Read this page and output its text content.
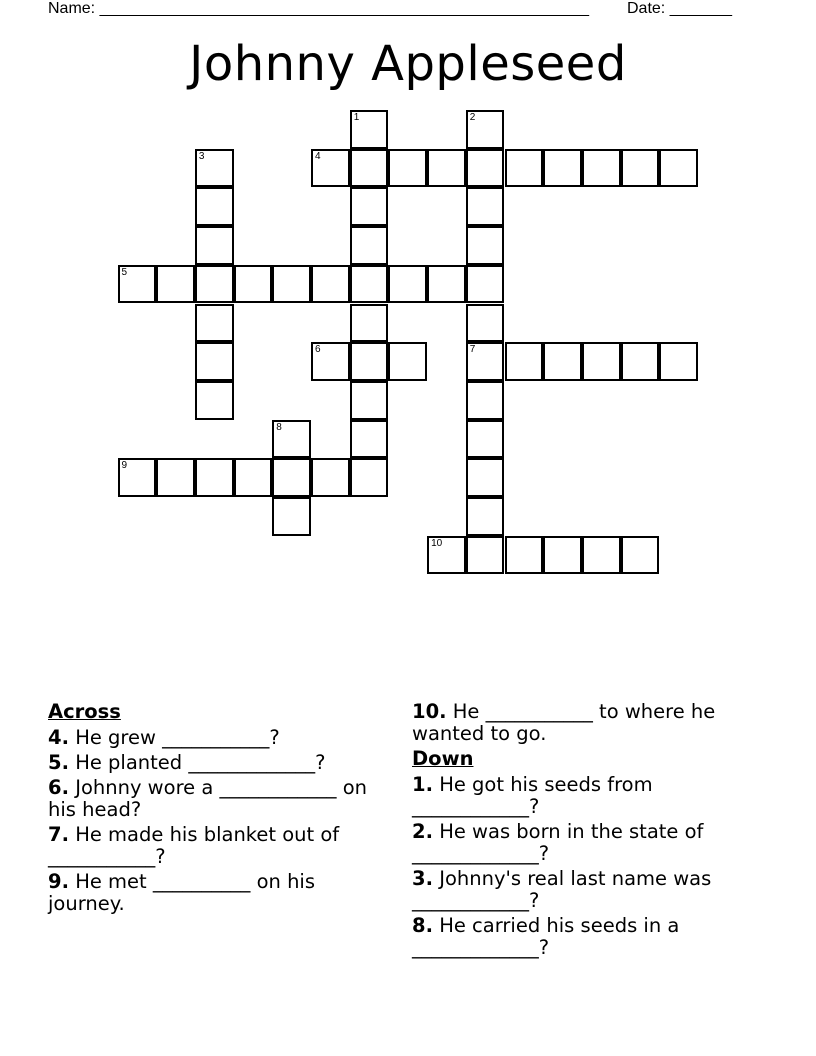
Name: _______________________________________________________ Date: _______
Johnny Appleseed
4
5
6	7
9
10
1	2
3
8
Across
4. He grew ___________?
5. He planted _____________?
6. Johnny wore a ____________ on his head?
7. He made his blanket out of ___________?
9. He met __________ on his journey.
10. He ___________ to where he wanted to go.
Down
1. He got his seeds from ____________?
2. He was born in the state of _____________?
3. Johnny's real last name was ____________?
8. He carried his seeds in a _____________?
